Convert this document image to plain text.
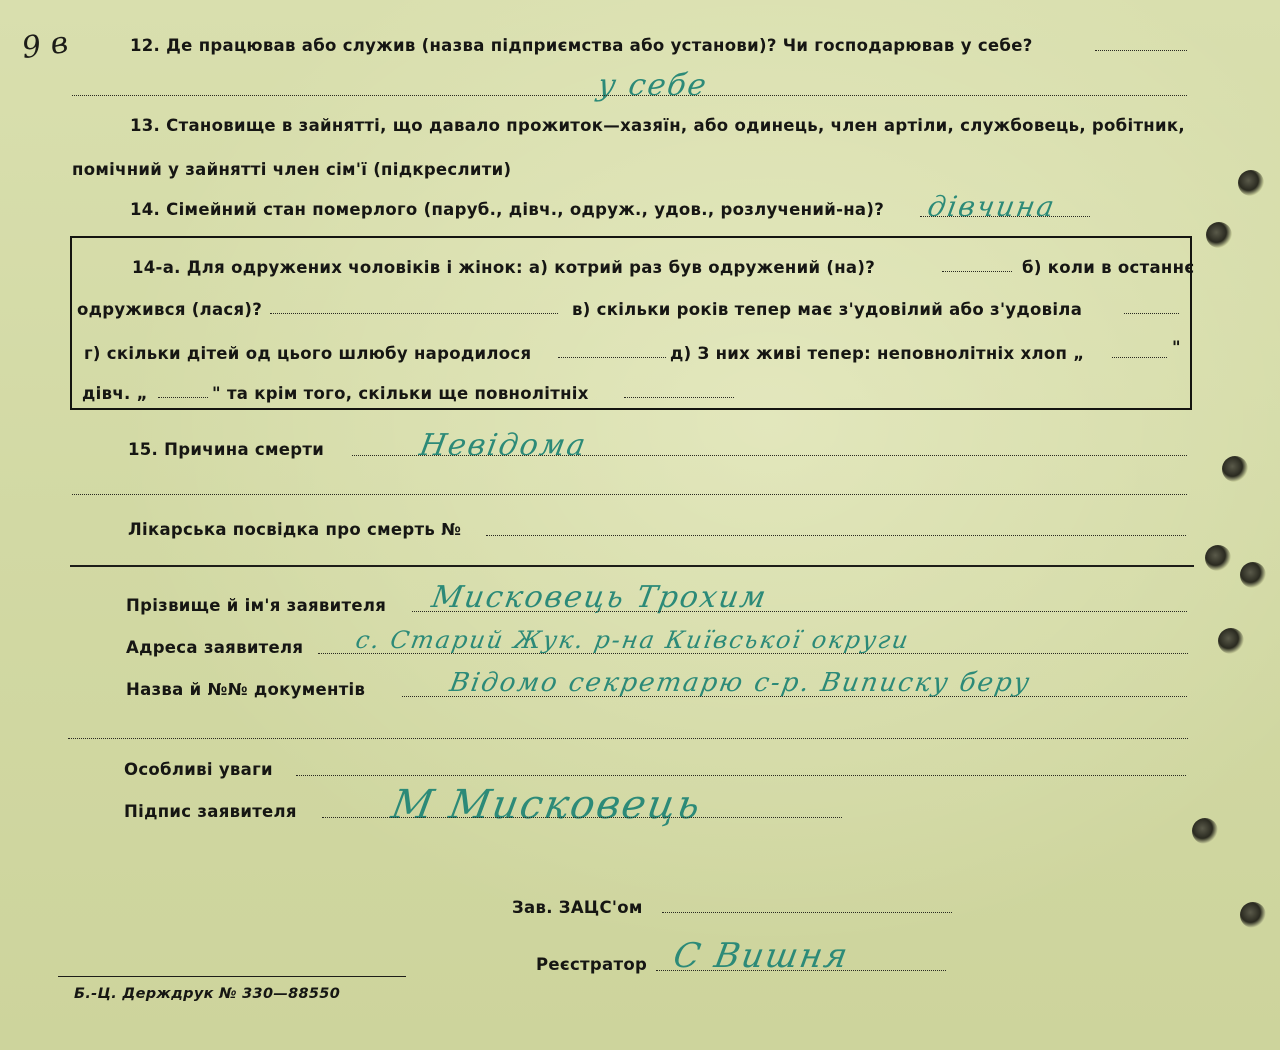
9 в	12. Де працював або служив (назва підприємства або установи)? Чи господарював у себе?
у себе
13. Становище в зайнятті, що давало прожиток—хазяїн, або одинець, член артіли, службовець, робітник,
помічний у зайнятті член сім'ї (підкреслити)
14. Сімейний стан померлого (паруб., дівч., одруж., удов., розлучений-на)? дівчина
14-а. Для одружених чоловіків і жінок: а) котрий раз був одружений (на)?	б) коли в останнє
одружився (лася)?	в) скільки років тепер має з'удовілий або з'удовіла
г) скільки дітей од цього шлюбу народилося	д) З них живі тепер: неповнолітніх хлоп „	"
дівч. „	" та крім того, скільки ще повнолітніх
15. Причина смерти	Невідома
Лікарська посвідка про смерть №
Прізвище й ім'я заявителя Мисковець Трохим
Адреса заявителя с. Старий Жук. р-на Київської округи
Назва й №№ документів	Відомо секретарю с-р. Виписку беру
Особливі уваги
Підпис заявителя М Мисковець
Зав. ЗАЦС'ом
Реєстратор С Вишня
Б.-Ц. Держдрук № 330—88550
